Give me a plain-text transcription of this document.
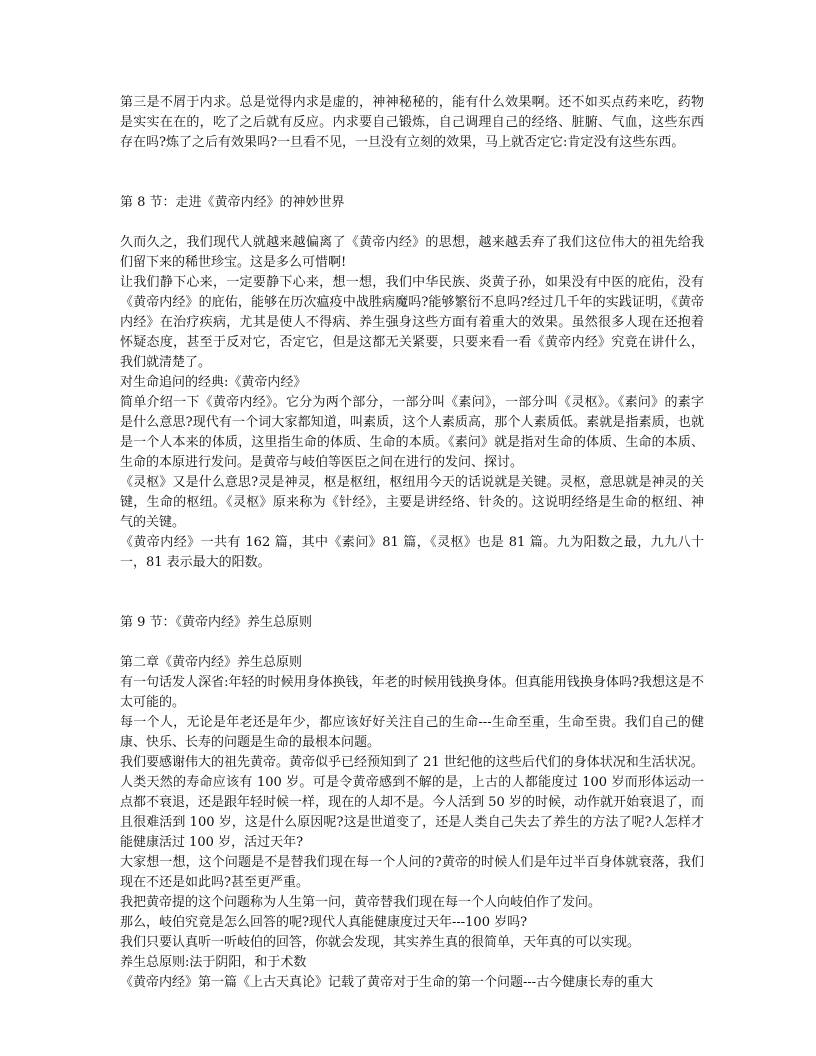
第三是不屑于内求。总是觉得内求是虚的，神神秘秘的，能有什么效果啊。还不如买点药来吃，药物是实实在在的，吃了之后就有反应。内求要自己锻炼，自己调理自己的经络、脏腑、气血，这些东西存在吗?炼了之后有效果吗?一旦看不见，一旦没有立刻的效果，马上就否定它:肯定没有这些东西。
第 8 节：走进《黄帝内经》的神妙世界
久而久之，我们现代人就越来越偏离了《黄帝内经》的思想，越来越丢弃了我们这位伟大的祖先给我们留下来的稀世珍宝。这是多么可惜啊!
让我们静下心来，一定要静下心来，想一想，我们中华民族、炎黄子孙，如果没有中医的庇佑，没有《黄帝内经》的庇佑，能够在历次瘟疫中战胜病魔吗?能够繁衍不息吗?经过几千年的实践证明，《黄帝内经》在治疗疾病，尤其是使人不得病、养生强身这些方面有着重大的效果。虽然很多人现在还抱着怀疑态度，甚至于反对它，否定它，但是这都无关紧要，只要来看一看《黄帝内经》究竟在讲什么，我们就清楚了。
对生命追问的经典:《黄帝内经》
简单介绍一下《黄帝内经》。它分为两个部分，一部分叫《素问》，一部分叫《灵枢》。《素问》的素字是什么意思?现代有一个词大家都知道，叫素质，这个人素质高，那个人素质低。素就是指素质，也就是一个人本来的体质，这里指生命的体质、生命的本质。《素问》就是指对生命的体质、生命的本质、生命的本原进行发问。是黄帝与岐伯等医臣之间在进行的发问、探讨。
《灵枢》又是什么意思?灵是神灵，枢是枢纽，枢纽用今天的话说就是关键。灵枢，意思就是神灵的关键，生命的枢纽。《灵枢》原来称为《针经》，主要是讲经络、针灸的。这说明经络是生命的枢纽、神气的关键。
《黄帝内经》一共有 162 篇，其中《素问》81 篇，《灵枢》也是 81 篇。九为阳数之最，九九八十一，81 表示最大的阳数。
第 9 节：《黄帝内经》养生总原则
第二章《黄帝内经》养生总原则
有一句话发人深省:年轻的时候用身体换钱，年老的时候用钱换身体。但真能用钱换身体吗?我想这是不太可能的。
每一个人，无论是年老还是年少，都应该好好关注自己的生命---生命至重，生命至贵。我们自己的健康、快乐、长寿的问题是生命的最根本问题。
我们要感谢伟大的祖先黄帝。黄帝似乎已经预知到了 21 世纪他的这些后代们的身体状况和生活状况。
人类天然的寿命应该有 100 岁。可是令黄帝感到不解的是，上古的人都能度过 100 岁而形体运动一点都不衰退，还是跟年轻时候一样，现在的人却不是。今人活到 50 岁的时候，动作就开始衰退了，而且很难活到 100 岁，这是什么原因呢?这是世道变了，还是人类自己失去了养生的方法了呢?人怎样才能健康活过 100 岁，活过天年?
大家想一想，这个问题是不是替我们现在每一个人问的?黄帝的时候人们是年过半百身体就衰落，我们现在不还是如此吗?甚至更严重。
我把黄帝提的这个问题称为人生第一问，黄帝替我们现在每一个人向岐伯作了发问。
那么，岐伯究竟是怎么回答的呢?现代人真能健康度过天年---100 岁吗?
我们只要认真听一听岐伯的回答，你就会发现，其实养生真的很简单，天年真的可以实现。
养生总原则:法于阴阳，和于术数
《黄帝内经》第一篇《上古天真论》记载了黄帝对于生命的第一个问题---古今健康长寿的重大
